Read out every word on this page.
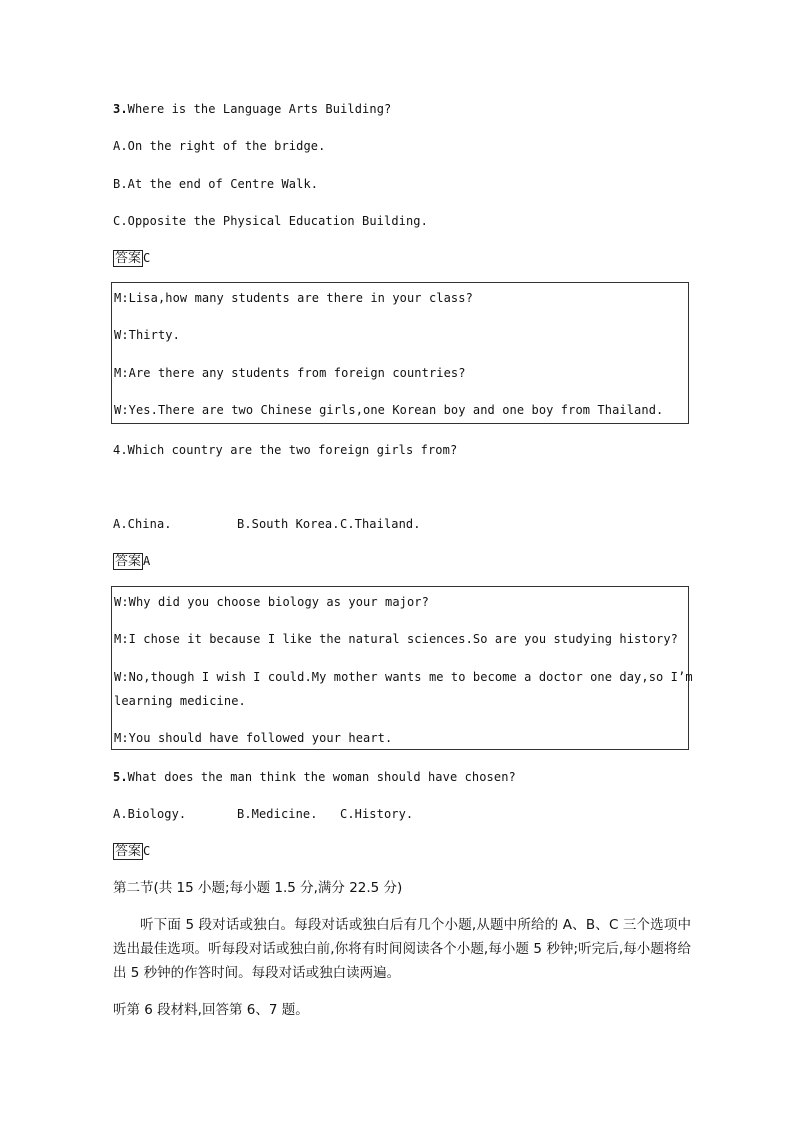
3.Where is the Language Arts Building?
A.On the right of the bridge.
B.At the end of Centre Walk.
C.Opposite the Physical Education Building.
答案 C
M:Lisa,how many students are there in your class?
W:Thirty.
M:Are there any students from foreign countries?
W:Yes.There are two Chinese girls,one Korean boy and one boy from Thailand.
4.Which country are the two foreign girls from?
A.China.	B.South Korea. C.Thailand.
答案 A
W:Why did you choose biology as your major?
M:I chose it because I like the natural sciences.So are you studying history?
W:No,though I wish I could.My mother wants me to become a doctor one day,so I’m
learning medicine.
M:You should have followed your heart.
5.What does the man think the woman should have chosen?
A.Biology.	B.Medicine. C.History.
答案 C
第二节(共 15 小题;每小题 1.5 分,满分 22.5 分)
听下面 5 段对话或独白。每段对话或独白后有几个小题,从题中所给的 A、B、C 三个选项中选出最佳选项。听每段对话或独白前,你将有时间阅读各个小题,每小题 5 秒钟;听完后,每小题将给出 5 秒钟的作答时间。每段对话或独白读两遍。
听第 6 段材料,回答第 6、7 题。
